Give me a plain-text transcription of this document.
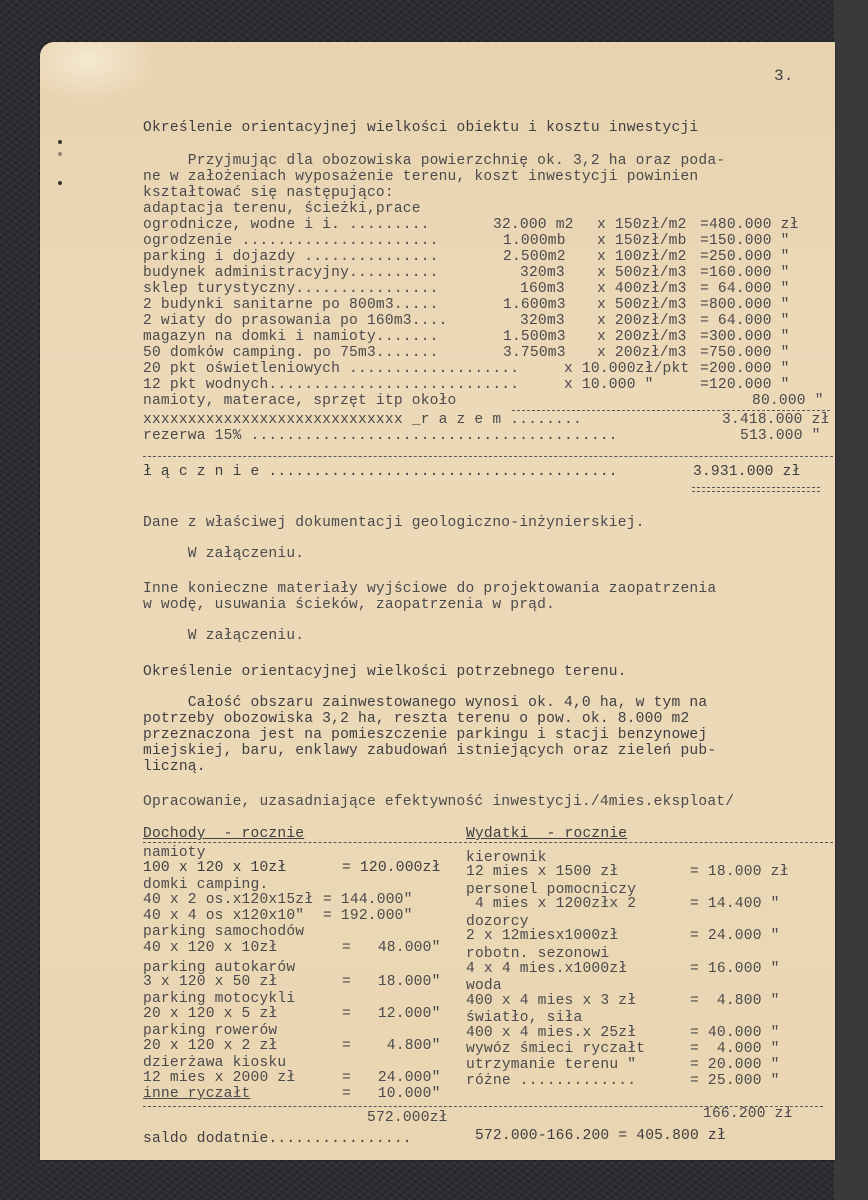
3.
Określenie orientacyjnej wielkości obiektu i kosztu inwestycji
Przyjmując dla obozowiska powierzchnię ok. 3,2 ha oraz poda-
ne w założeniach wyposażenie terenu, koszt inwestycji powinien
kształtować się następująco:
adaptacja terenu, ścieżki,prace
ogrodnicze, wodne i i. .........	32.000 m2 x 150zł/m2 =480.000 zł
ogrodzenie ......................	1.000mb x 150zł/mb =150.000 "
parking i dojazdy ...............	2.500m2 x 100zł/m2 =250.000 "
budynek administracyjny..........	320m3 x 500zł/m3 =160.000 "
sklep turystyczny................	160m3 x 400zł/m3 = 64.000 "
2 budynki sanitarne po 800m3.....	1.600m3 x 500zł/m3 =800.000 "
2 wiaty do prasowania po 160m3....	320m3 x 200zł/m3 = 64.000 "
magazyn na domki i namioty.......	1.500m3 x 200zł/m3 =300.000 "
50 domków camping. po 75m3.......	3.750m3 x 200zł/m3 =750.000 "
20 pkt oświetleniowych ...................	x 10.000zł/pkt =200.000 "
12 pkt wodnych............................	x 10.000 "	=120.000 "
namioty, materace, sprzęt itp około	80.000 "
xxxxxxxxxxxxxxxxxxxxxxxxxxxxx _r a z e m ........	3.418.000 zł
rezerwa 15% .........................................	513.000 "
ł ą c z n i e .......................................	3.931.000 zł
Dane z właściwej dokumentacji geologiczno-inżynierskiej.
W załączeniu.
Inne konieczne materiały wyjściowe do projektowania zaopatrzenia
w wodę, usuwania ścieków, zaopatrzenia w prąd.
W załączeniu.
Określenie orientacyjnej wielkości potrzebnego terenu.
Całość obszaru zainwestowanego wynosi ok. 4,0 ha, w tym na
potrzeby obozowiska 3,2 ha, reszta terenu o pow. ok. 8.000 m2
przeznaczona jest na pomieszczenie parkingu i stacji benzynowej
miejskiej, baru, enklawy zabudowań istniejących oraz zieleń pub-
liczną.
Opracowanie, uzasadniające efektywność inwestycji./4mies.eksploat/
Dochody  - rocznie
namioty
100 x 120 x 10zł	= 120.000zł
domki camping.
40 x 2 os.x120x15zł = 144.000"
40 x 4 os x120x10" = 192.000"
parking samochodów
40 x 120 x 10zł	=   48.000"
parking autokarów
3 x 120 x 50 zł	=   18.000"
parking motocykli
20 x 120 x 5 zł	=   12.000"
parking rowerów
20 x 120 x 2 zł	=    4.800"
dzierżawa kiosku
12 mies x 2000 zł	=   24.000"
inne ryczałt	=   10.000"
572.000zł
Wydatki  - rocznie
kierownik
12 mies x 1500 zł	= 18.000 zł
personel pomocniczy
4 mies x 1200złx 2	= 14.400 "
dozorcy
2 x 12miesx1000zł	= 24.000 "
robotn. sezonowi
4 x 4 mies.x1000zł	= 16.000 "
woda
400 x 4 mies x 3 zł	=  4.800 "
światło, siła
400 x 4 mies.x 25zł	= 40.000 "
wywóz śmieci ryczałt	=  4.000 "
utrzymanie terenu "	= 20.000 "
różne .............	= 25.000 "
166.200 zł
saldo dodatnie................	572.000-166.200 = 405.800 zł
